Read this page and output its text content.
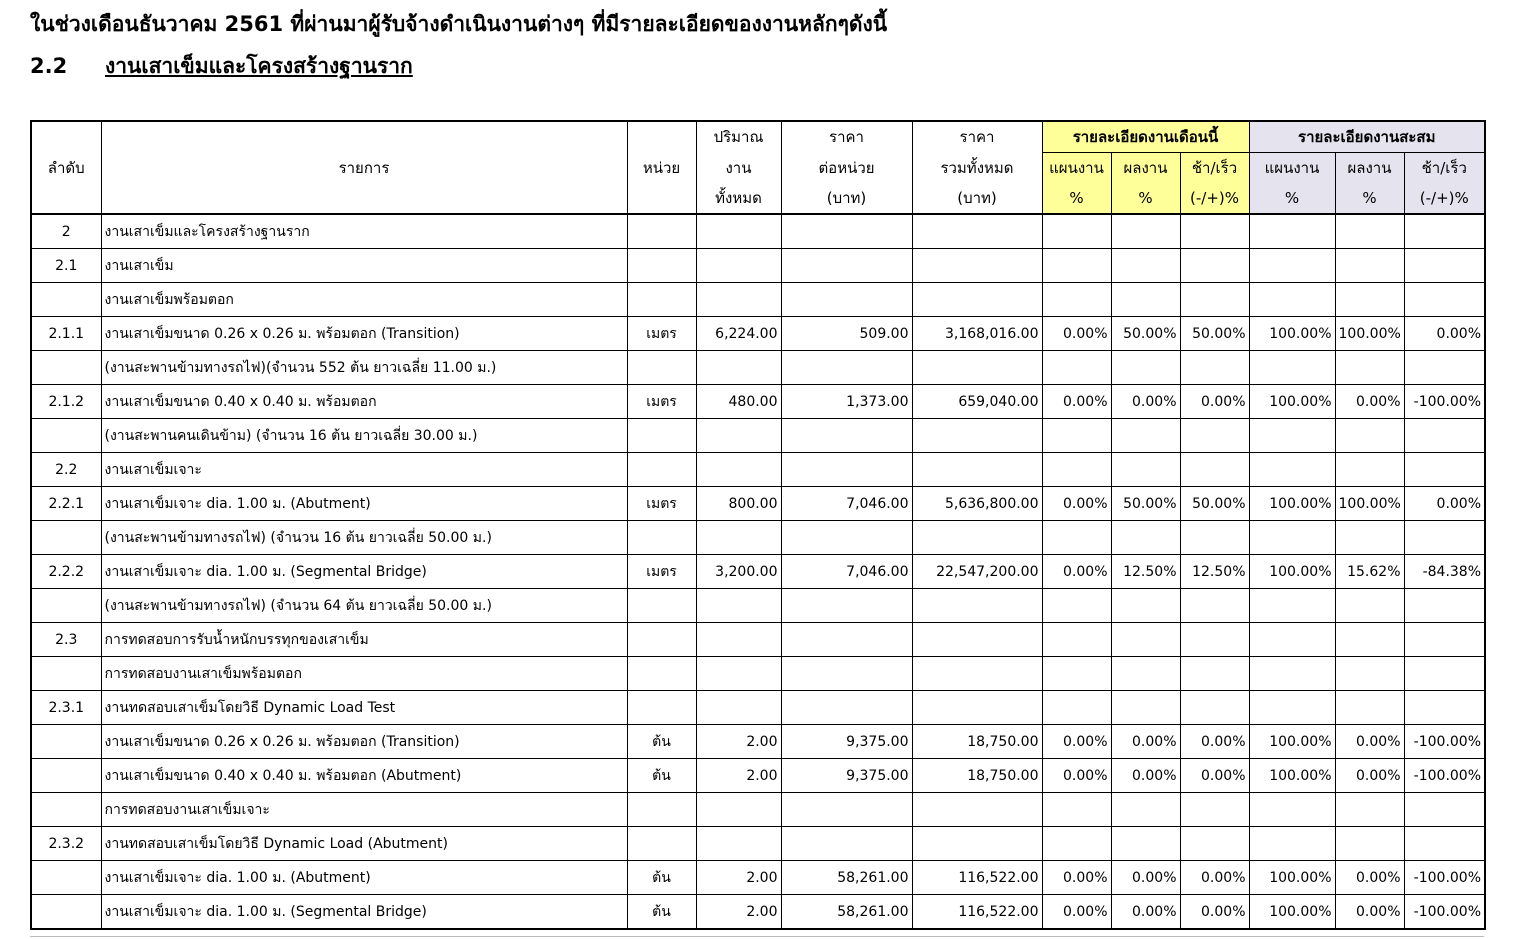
ในช่วงเดือนธันวาคม 2561 ที่ผ่านมาผู้รับจ้างดำเนินงานต่างๆ ที่มีรายละเอียดของงานหลักๆดังนี้
2.2 งานเสาเข็มและโครงสร้างฐานราก
ลำดับ	รายการ	หน่วย	ปริมาณ	ราคา	ราคา	รายละเอียดงานเดือนนี้			รายละเอียดงานสะสม		
			งาน	ต่อหน่วย	รวมทั้งหมด	แผนงาน	ผลงาน	ช้า/เร็ว	แผนงาน	ผลงาน	ช้า/เร็ว
			ทั้งหมด	(บาท)	(บาท)	%	%	(-/+)%	%	%	(-/+)%
2	งานเสาเข็มและโครงสร้างฐานราก										
2.1	งานเสาเข็ม										
	งานเสาเข็มพร้อมตอก										
2.1.1	งานเสาเข็มขนาด 0.26 x 0.26 ม. พร้อมตอก (Transition)	เมตร	6,224.00	509.00	3,168,016.00	0.00%	50.00%	50.00%	100.00%	100.00%	0.00%
	(งานสะพานข้ามทางรถไฟ)(จำนวน 552 ต้น ยาวเฉลี่ย 11.00 ม.)										
2.1.2	งานเสาเข็มขนาด 0.40 x 0.40 ม. พร้อมตอก	เมตร	480.00	1,373.00	659,040.00	0.00%	0.00%	0.00%	100.00%	0.00%	-100.00%
	(งานสะพานคนเดินข้าม) (จำนวน 16 ต้น ยาวเฉลี่ย 30.00 ม.)										
2.2	งานเสาเข็มเจาะ										
2.2.1	งานเสาเข็มเจาะ dia. 1.00 ม. (Abutment)	เมตร	800.00	7,046.00	5,636,800.00	0.00%	50.00%	50.00%	100.00%	100.00%	0.00%
	(งานสะพานข้ามทางรถไฟ) (จำนวน 16 ต้น ยาวเฉลี่ย 50.00 ม.)										
2.2.2	งานเสาเข็มเจาะ dia. 1.00 ม. (Segmental Bridge)	เมตร	3,200.00	7,046.00	22,547,200.00	0.00%	12.50%	12.50%	100.00%	15.62%	-84.38%
	(งานสะพานข้ามทางรถไฟ) (จำนวน 64 ต้น ยาวเฉลี่ย 50.00 ม.)										
2.3	การทดสอบการรับน้ำหนักบรรทุกของเสาเข็ม										
	การทดสอบงานเสาเข็มพร้อมตอก										
2.3.1	งานทดสอบเสาเข็มโดยวิธี Dynamic Load Test										
	งานเสาเข็มขนาด 0.26 x 0.26 ม. พร้อมตอก (Transition)	ต้น	2.00	9,375.00	18,750.00	0.00%	0.00%	0.00%	100.00%	0.00%	-100.00%
	งานเสาเข็มขนาด 0.40 x 0.40 ม. พร้อมตอก (Abutment)	ต้น	2.00	9,375.00	18,750.00	0.00%	0.00%	0.00%	100.00%	0.00%	-100.00%
	การทดสอบงานเสาเข็มเจาะ										
2.3.2	งานทดสอบเสาเข็มโดยวิธี Dynamic Load (Abutment)										
	งานเสาเข็มเจาะ dia. 1.00 ม. (Abutment)	ต้น	2.00	58,261.00	116,522.00	0.00%	0.00%	0.00%	100.00%	0.00%	-100.00%
	งานเสาเข็มเจาะ dia. 1.00 ม. (Segmental Bridge)	ต้น	2.00	58,261.00	116,522.00	0.00%	0.00%	0.00%	100.00%	0.00%	-100.00%
